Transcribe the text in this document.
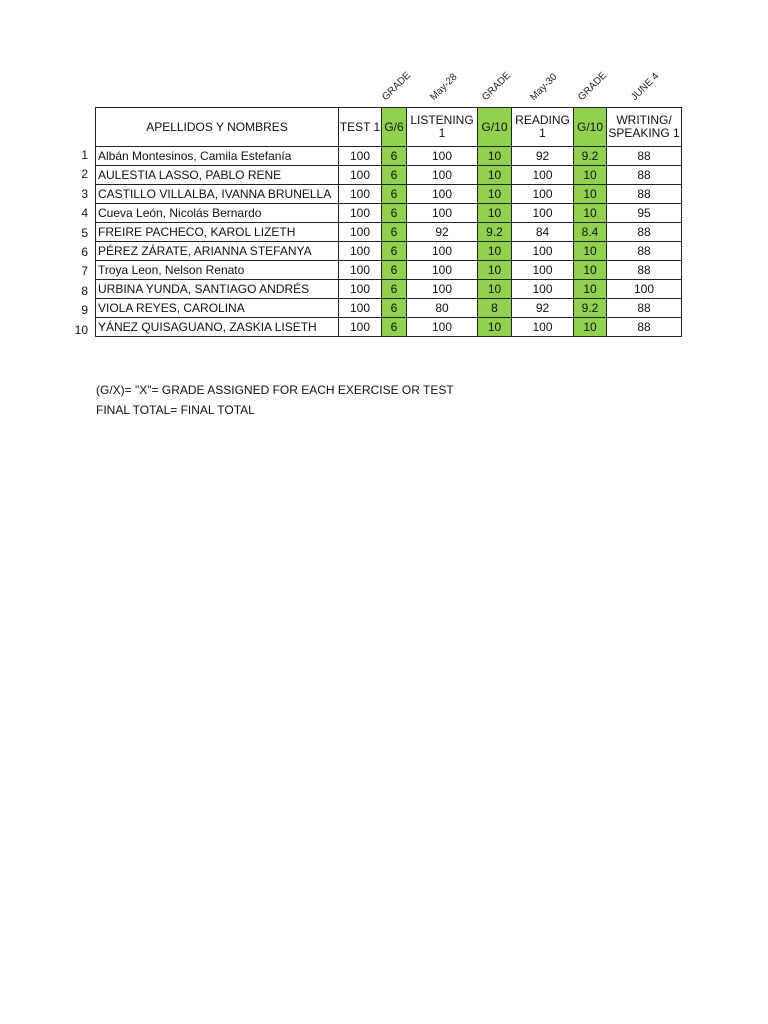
GRADE May-28 GRADE May-30 GRADE JUNE 4
1
2
3
4
5
6
7
8
9
10
APELLIDOS Y NOMBRES	TEST 1	G/6	LISTENING 1	G/10	READING 1	G/10	WRITING/ SPEAKING 1
Albán Montesinos, Camila Estefanía	100	6	100	10	92	9.2	88
AULESTIA LASSO, PABLO RENE	100	6	100	10	100	10	88
CASTILLO VILLALBA, IVANNA BRUNELLA	100	6	100	10	100	10	88
Cueva León, Nicolás Bernardo	100	6	100	10	100	10	95
FREIRE PACHECO, KAROL LIZETH	100	6	92	9.2	84	8.4	88
PÉREZ ZÁRATE, ARIANNA STEFANYA	100	6	100	10	100	10	88
Troya Leon, Nelson Renato	100	6	100	10	100	10	88
URBINA YUNDA, SANTIAGO ANDRÉS	100	6	100	10	100	10	100
VIOLA REYES, CAROLINA	100	6	80	8	92	9.2	88
YÁNEZ QUISAGUANO, ZASKIA LISETH	100	6	100	10	100	10	88
(G/X)= "X"= GRADE ASSIGNED FOR EACH EXERCISE OR TEST
FINAL TOTAL= FINAL TOTAL
